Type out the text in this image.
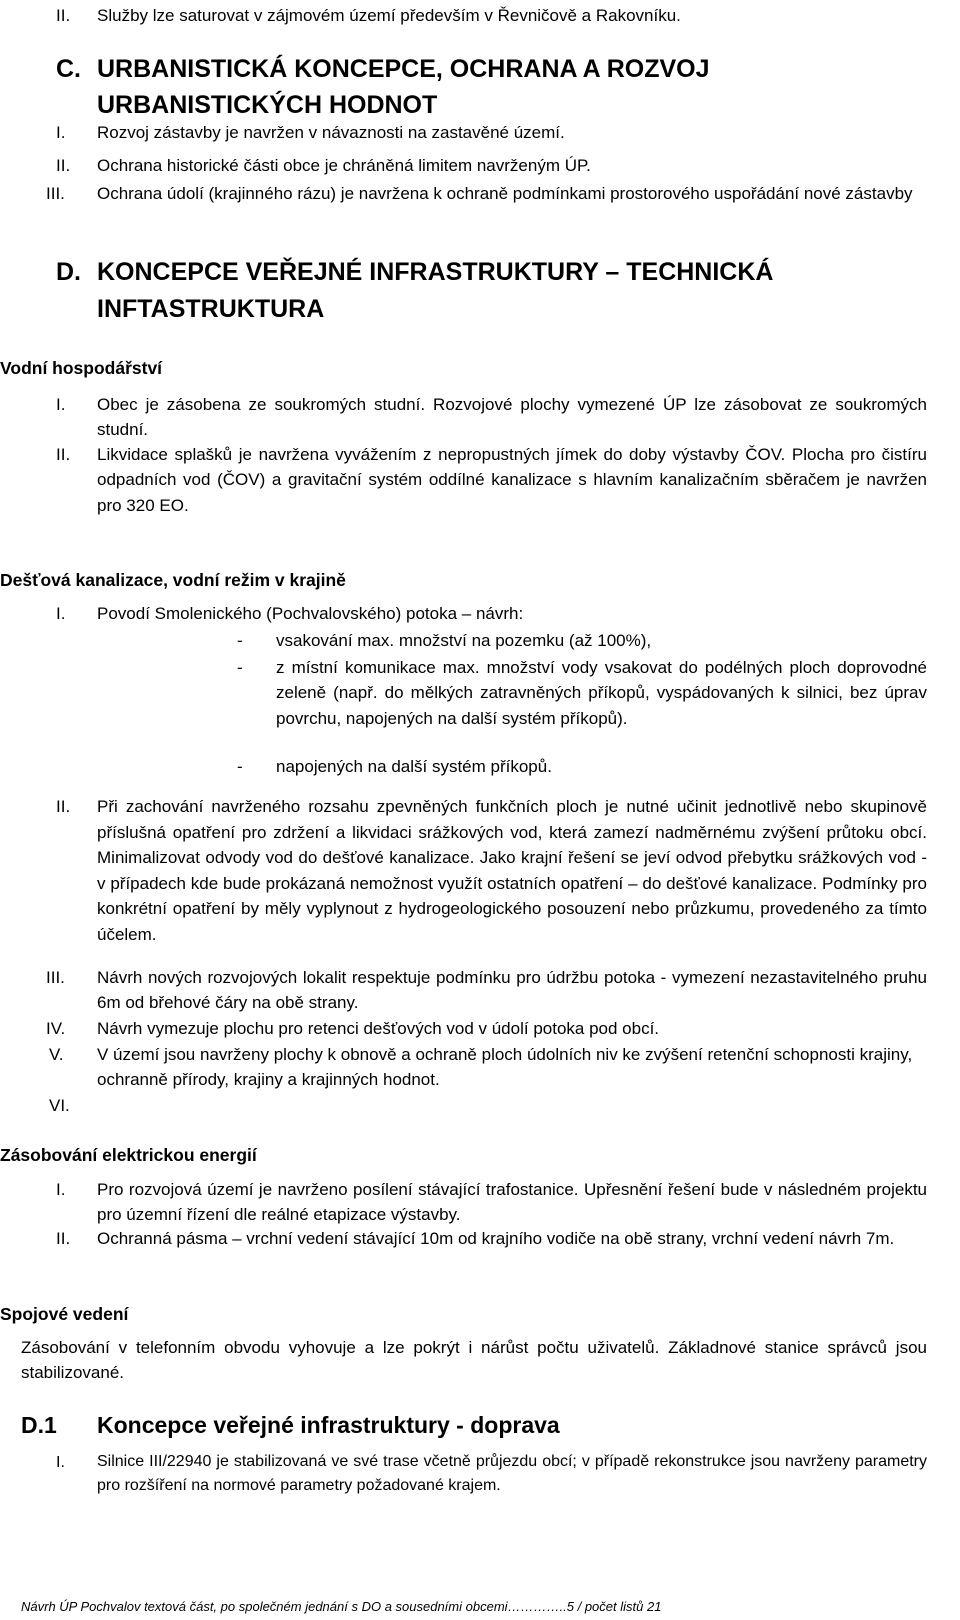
II. Služby lze saturovat v zájmovém území především v Řevničově a Rakovníku.
C. URBANISTICKÁ KONCEPCE, OCHRANA A ROZVOJ URBANISTICKÝCH HODNOT
I. Rozvoj zástavby je navržen v návaznosti na zastavěné území.
II. Ochrana historické části obce je chráněná limitem navrženým ÚP.
III. Ochrana údolí (krajinného rázu) je navržena k ochraně podmínkami prostorového uspořádání nové zástavby
D. KONCEPCE VEŘEJNÉ INFRASTRUKTURY – TECHNICKÁ INFTASTRUKTURA
Vodní hospodářství
I. Obec je zásobena ze soukromých studní. Rozvojové plochy vymezené ÚP lze zásobovat ze soukromých studní.
II. Likvidace splašků je navržena vyvážením z nepropustných jímek do doby výstavby ČOV. Plocha pro čistíru odpadních vod (ČOV) a gravitační systém oddílné kanalizace s hlavním kanalizačním sběračem je navržen pro 320 EO.
Dešťová kanalizace, vodní režim v krajině
I. Povodí Smolenického (Pochvalovského) potoka – návrh:
- vsakování max. množství na pozemku (až 100%),
- z místní komunikace max. množství vody vsakovat do podélných ploch doprovodné zeleně (např. do mělkých zatravněných příkopů, vyspádovaných k silnici, bez úprav povrchu, napojených na další systém příkopů).
- napojených na další systém příkopů.
II. Při zachování navrženého rozsahu zpevněných funkčních ploch je nutné učinit jednotlivě nebo skupinově příslušná opatření pro zdržení a likvidaci srážkových vod, která zamezí nadměrnému zvýšení průtoku obcí. Minimalizovat odvody vod do dešťové kanalizace. Jako krajní řešení se jeví odvod přebytku srážkových vod - v případech kde bude prokázaná nemožnost využít ostatních opatření – do dešťové kanalizace. Podmínky pro konkrétní opatření by měly vyplynout z hydrogeologického posouzení nebo průzkumu, provedeného za tímto účelem.
III. Návrh nových rozvojových lokalit respektuje podmínku pro údržbu potoka - vymezení nezastavitelného pruhu 6m od břehové čáry na obě strany.
IV. Návrh vymezuje plochu pro retenci dešťových vod v údolí potoka pod obcí.
V. V území jsou navrženy plochy k obnově a ochraně ploch údolních niv ke zvýšení retenční schopnosti krajiny, ochranně přírody, krajiny a krajinných hodnot.
VI.
Zásobování elektrickou energií
I. Pro rozvojová území je navrženo posílení stávající trafostanice. Upřesnění řešení bude v následném projektu pro územní řízení dle reálné etapizace výstavby.
II. Ochranná pásma – vrchní vedení stávající 10m od krajního vodiče na obě strany, vrchní vedení návrh 7m.
Spojové vedení
Zásobování v telefonním obvodu vyhovuje a lze pokrýt i nárůst počtu uživatelů. Základnové stanice správců jsou stabilizované.
D.1 Koncepce veřejné infrastruktury - doprava
I. Silnice III/22940 je stabilizovaná ve své trase včetně průjezdu obcí; v případě rekonstrukce jsou navrženy parametry pro rozšíření na normové parametry požadované krajem.
Návrh ÚP Pochvalov textová část, po společném jednání s DO a sousedními obcemi…………..5 / počet listů 21
